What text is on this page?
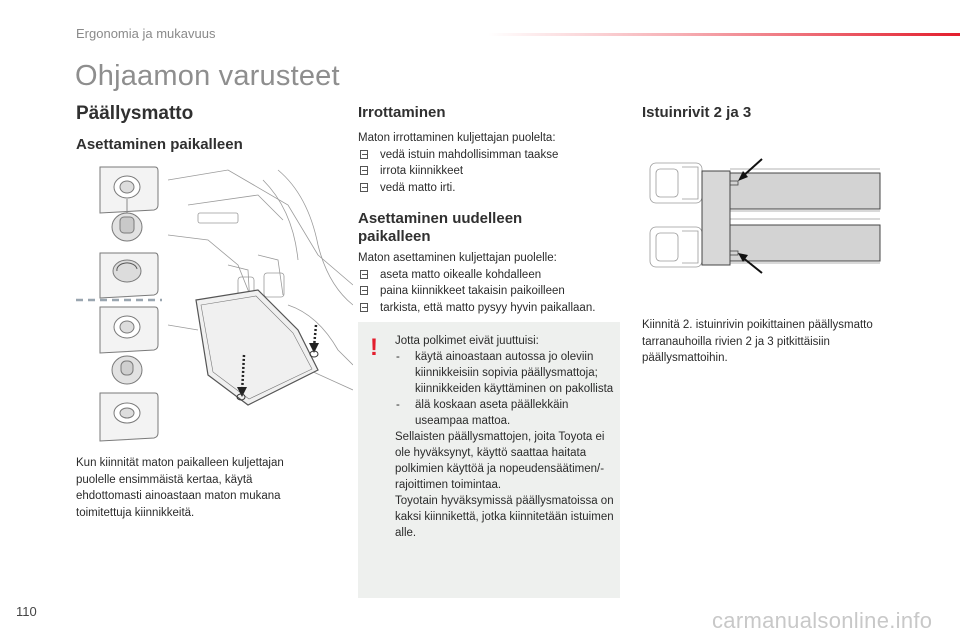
Ergonomia ja mukavuus
Ohjaamon varusteet
Päällysmatto
Asettaminen paikalleen
Kun kiinnität maton paikalleen kuljettajan puolelle ensimmäistä kertaa, käytä ehdottomasti ainoastaan maton mukana toimitettuja kiinnikkeitä.
Irrottaminen
Maton irrottaminen kuljettajan puolelta:
vedä istuin mahdollisimman taakse
irrota kiinnikkeet
vedä matto irti.
Asettaminen uudelleen paikalleen
Maton asettaminen kuljettajan puolelle:
aseta matto oikealle kohdalleen
paina kiinnikkeet takaisin paikoilleen
tarkista, että matto pysyy hyvin paikallaan.
! Jotta polkimet eivät juuttuisi:
- käytä ainoastaan autossa jo oleviin kiinnikkeisiin sopivia päällysmattoja; kiinnikkeiden käyttäminen on pakollista
- älä koskaan aseta päällekkäin useampaa mattoa.
Sellaisten päällysmattojen, joita Toyota ei ole hyväksynyt, käyttö saattaa haitata polkimien käyttöä ja nopeudensäätimen/-rajoittimen toimintaa.
Toyotain hyväksymissä päällysmatoissa on kaksi kiinnikettä, jotka kiinnitetään istuimen alle.
Istuinrivit 2 ja 3
Kiinnitä 2. istuinrivin poikittainen päällysmatto tarranauhoilla rivien 2 ja 3 pitkittäisiin päällysmattoihin.
110	carmanualsonline.info
